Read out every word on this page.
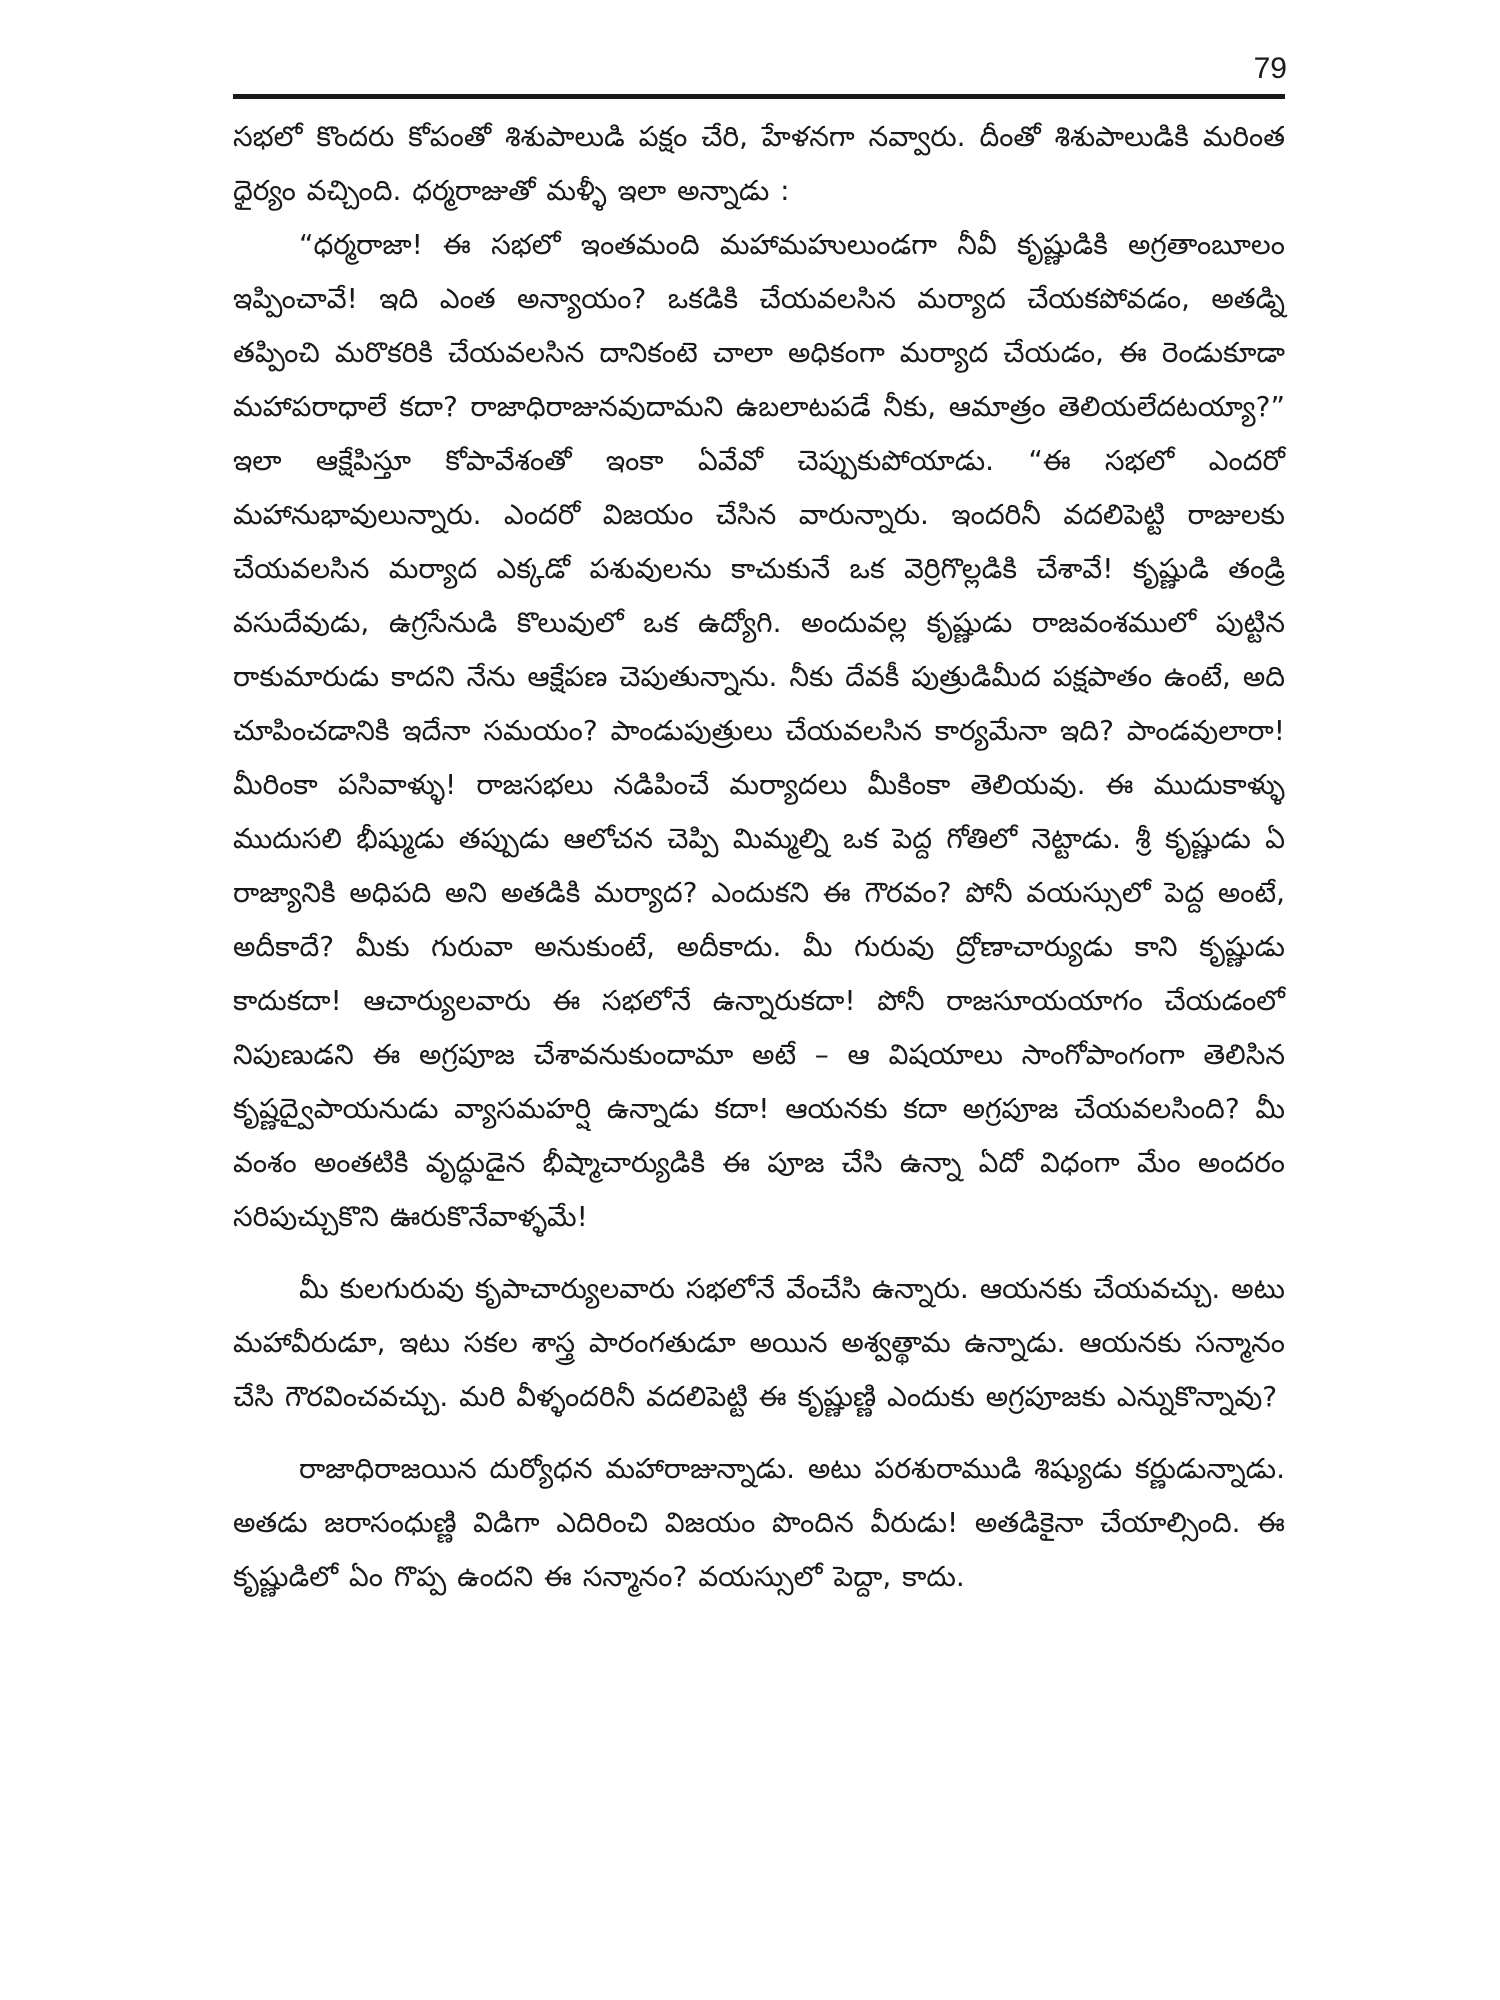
79

సభలో కొందరు కోపంతో శిశుపాలుడి పక్షం చేరి, హేళనగా నవ్వారు. దీంతో శిశుపాలుడికి మరింత ధైర్యం వచ్చింది. ధర్మరాజుతో మళ్ళీ ఇలా అన్నాడు :

“ధర్మరాజా! ఈ సభలో ఇంతమంది మహామహులుండగా నీవీ కృష్ణుడికి అగ్రతాంబూలం ఇప్పించావే! ఇది ఎంత అన్యాయం? ఒకడికి చేయవలసిన మర్యాద చేయకపోవడం, అతడ్ని తప్పించి మరొకరికి చేయవలసిన దానికంటె చాలా అధికంగా మర్యాద చేయడం, ఈ రెండుకూడా మహాపరాధాలే కదా? రాజాధిరాజునవుదామని ఉబలాటపడే నీకు, ఆమాత్రం తెలియలేదటయ్యా?” ఇలా ఆక్షేపిస్తూ కోపావేశంతో ఇంకా ఏవేవో చెప్పుకుపోయాడు. “ఈ సభలో ఎందరో మహానుభావులున్నారు. ఎందరో విజయం చేసిన వారున్నారు. ఇందరినీ వదలిపెట్టి రాజులకు చేయవలసిన మర్యాద ఎక్కడో పశువులను కాచుకునే ఒక వెర్రిగొల్లడికి చేశావే! కృష్ణుడి తండ్రి వసుదేవుడు, ఉగ్రసేనుడి కొలువులో ఒక ఉద్యోగి. అందువల్ల కృష్ణుడు రాజవంశములో పుట్టిన రాకుమారుడు కాదని నేను ఆక్షేపణ చెపుతున్నాను. నీకు దేవకీ పుత్రుడిమీద పక్షపాతం ఉంటే, అది చూపించడానికి ఇదేనా సమయం? పాండుపుత్రులు చేయవలసిన కార్యమేనా ఇది? పాండవులారా! మీరింకా పసివాళ్ళు! రాజసభలు నడిపించే మర్యాదలు మీకింకా తెలియవు. ఈ ముదుకాళ్ళు ముదుసలి భీష్ముడు తప్పుడు ఆలోచన చెప్పి మిమ్మల్ని ఒక పెద్ద గోతిలో నెట్టాడు. శ్రీ కృష్ణుడు ఏ రాజ్యానికి అధిపది అని అతడికి మర్యాద? ఎందుకని ఈ గౌరవం? పోనీ వయస్సులో పెద్ద అంటే, అదీకాదే? మీకు గురువా అనుకుంటే, అదీకాదు. మీ గురువు ద్రోణాచార్యుడు కాని కృష్ణుడు కాదుకదా! ఆచార్యులవారు ఈ సభలోనే ఉన్నారుకదా! పోనీ రాజసూయయాగం చేయడంలో నిపుణుడని ఈ అగ్రపూజ చేశావనుకుందామా అటే – ఆ విషయాలు సాంగోపాంగంగా తెలిసిన కృష్ణద్వైపాయనుడు వ్యాసమహర్షి ఉన్నాడు కదా! ఆయనకు కదా అగ్రపూజ చేయవలసింది? మీ వంశం అంతటికి వృద్ధుడైన భీష్మాచార్యుడికి ఈ పూజ చేసి ఉన్నా ఏదో విధంగా మేం అందరం సరిపుచ్చుకొని ఊరుకొనేవాళ్ళమే!

మీ కులగురువు కృపాచార్యులవారు సభలోనే వేంచేసి ఉన్నారు. ఆయనకు చేయవచ్చు. అటు మహావీరుడూ, ఇటు సకల శాస్త్ర పారంగతుడూ అయిన అశ్వత్థామ ఉన్నాడు. ఆయనకు సన్మానం చేసి గౌరవించవచ్చు. మరి వీళ్ళందరినీ వదలిపెట్టి ఈ కృష్ణుణ్ణి ఎందుకు అగ్రపూజకు ఎన్నుకొన్నావు?

రాజాధిరాజయిన దుర్యోధన మహారాజున్నాడు. అటు పరశురాముడి శిష్యుడు కర్ణుడున్నాడు. అతడు జరాసంధుణ్ణి విడిగా ఎదిరించి విజయం పొందిన వీరుడు! అతడికైనా చేయాల్సింది. ఈ కృష్ణుడిలో ఏం గొప్ప ఉందని ఈ సన్మానం? వయస్సులో పెద్దా, కాదు.
